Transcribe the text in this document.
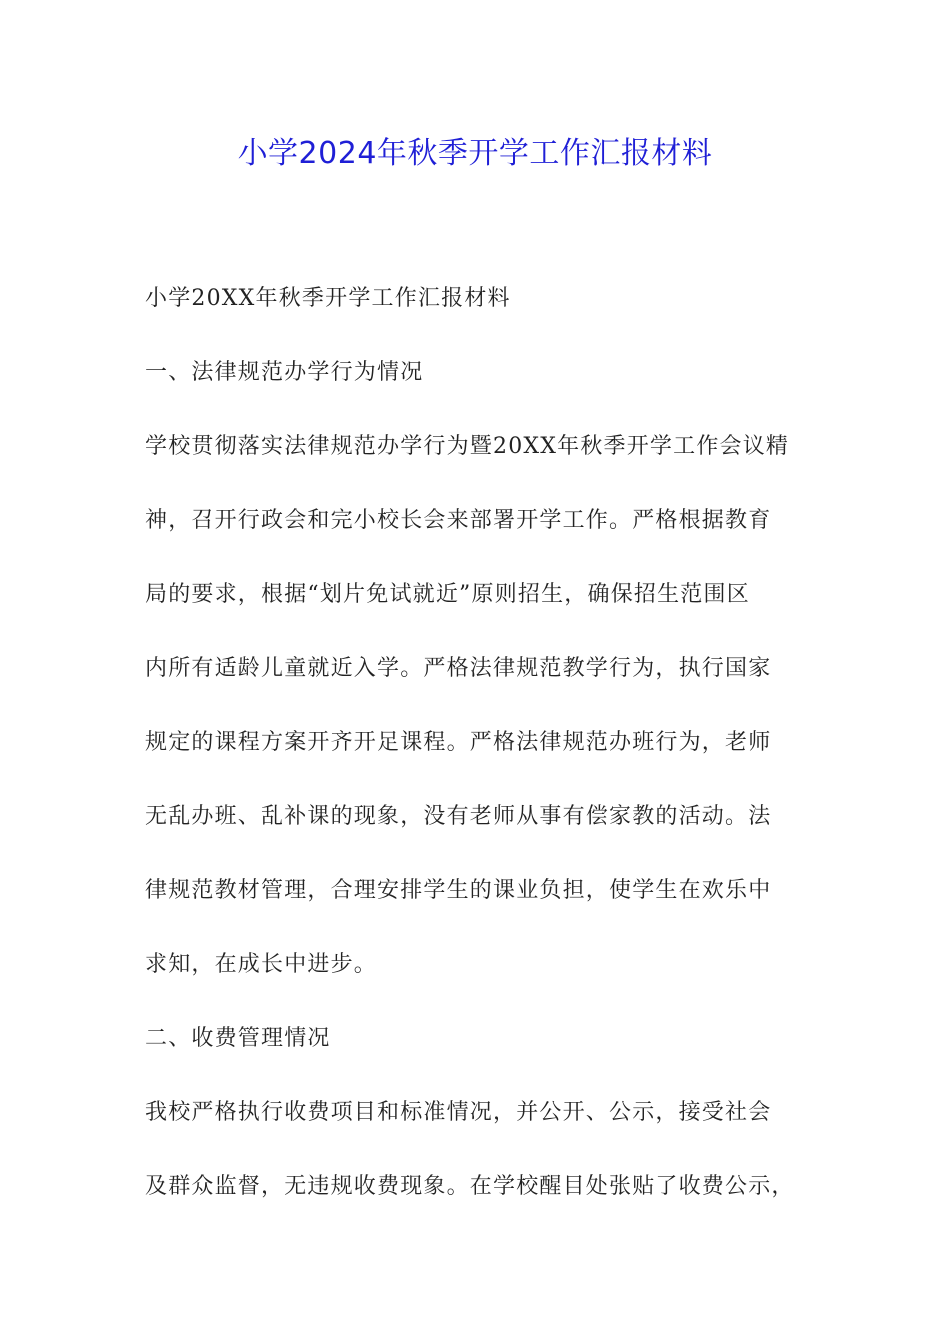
小学2024年秋季开学工作汇报材料

小学20XX年秋季开学工作汇报材料

一、法律规范办学行为情况

学校贯彻落实法律规范办学行为暨20XX年秋季开学工作会议精

神，召开行政会和完小校长会来部署开学工作。严格根据教育

局的要求，根据“划片免试就近”原则招生，确保招生范围区

内所有适龄儿童就近入学。严格法律规范教学行为，执行国家

规定的课程方案开齐开足课程。严格法律规范办班行为，老师

无乱办班、乱补课的现象，没有老师从事有偿家教的活动。法

律规范教材管理，合理安排学生的课业负担，使学生在欢乐中

求知，在成长中进步。

二、收费管理情况

我校严格执行收费项目和标准情况，并公开、公示，接受社会

及群众监督，无违规收费现象。在学校醒目处张贴了收费公示，
